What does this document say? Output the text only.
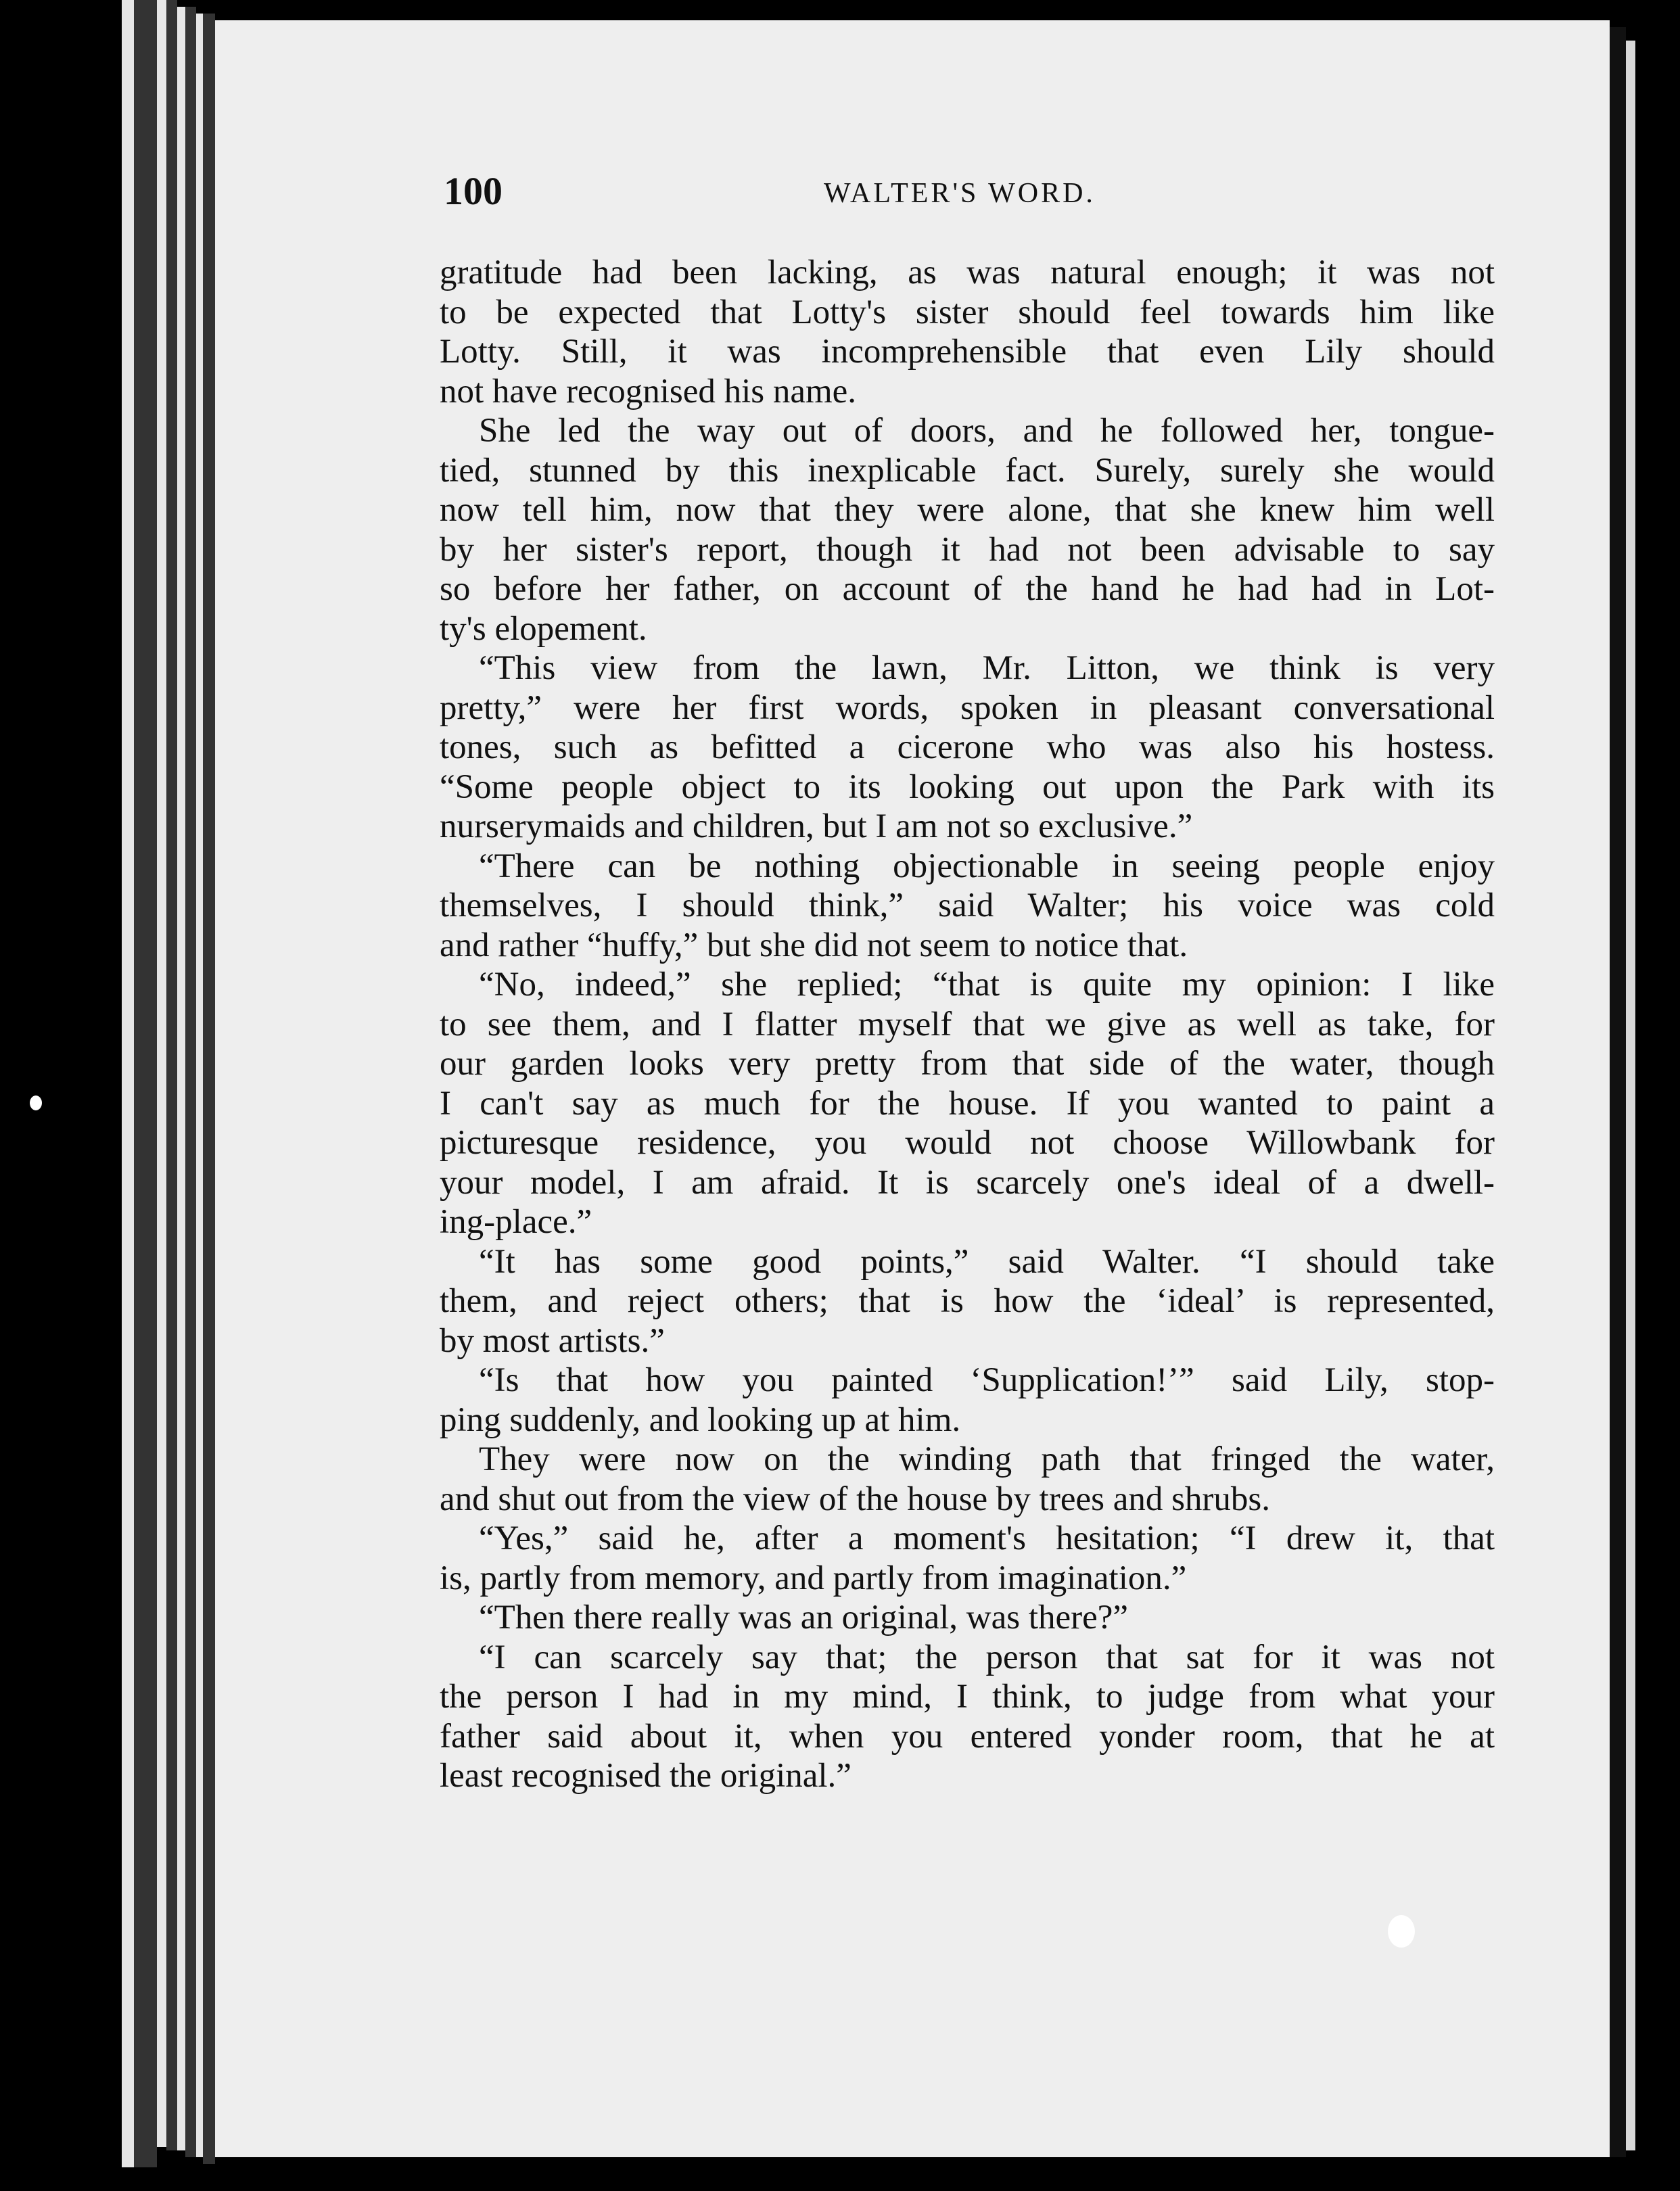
100	WALTER'S WORD.
gratitude had been lacking, as was natural enough; it was not
to be expected that Lotty's sister should feel towards him like
Lotty. Still, it was incomprehensible that even Lily should
not have recognised his name.
She led the way out of doors, and he followed her, tongue-
tied, stunned by this inexplicable fact. Surely, surely she would
now tell him, now that they were alone, that she knew him well
by her sister's report, though it had not been advisable to say
so before her father, on account of the hand he had had in Lot-
ty's elopement.
“This view from the lawn, Mr. Litton, we think is very
pretty,” were her first words, spoken in pleasant conversational
tones, such as befitted a cicerone who was also his hostess.
“Some people object to its looking out upon the Park with its
nurserymaids and children, but I am not so exclusive.”
“There can be nothing objectionable in seeing people enjoy
themselves, I should think,” said Walter; his voice was cold
and rather “huffy,” but she did not seem to notice that.
“No, indeed,” she replied; “that is quite my opinion: I like
to see them, and I flatter myself that we give as well as take, for
our garden looks very pretty from that side of the water, though
I can't say as much for the house. If you wanted to paint a
picturesque residence, you would not choose Willowbank for
your model, I am afraid. It is scarcely one's ideal of a dwell-
ing-place.”
“It has some good points,” said Walter. “I should take
them, and reject others; that is how the ‘ideal’ is represented,
by most artists.”
“Is that how you painted ‘Supplication!’” said Lily, stop-
ping suddenly, and looking up at him.
They were now on the winding path that fringed the water,
and shut out from the view of the house by trees and shrubs.
“Yes,” said he, after a moment's hesitation; “I drew it, that
is, partly from memory, and partly from imagination.”
“Then there really was an original, was there?”
“I can scarcely say that; the person that sat for it was not
the person I had in my mind, I think, to judge from what your
father said about it, when you entered yonder room, that he at
least recognised the original.”
